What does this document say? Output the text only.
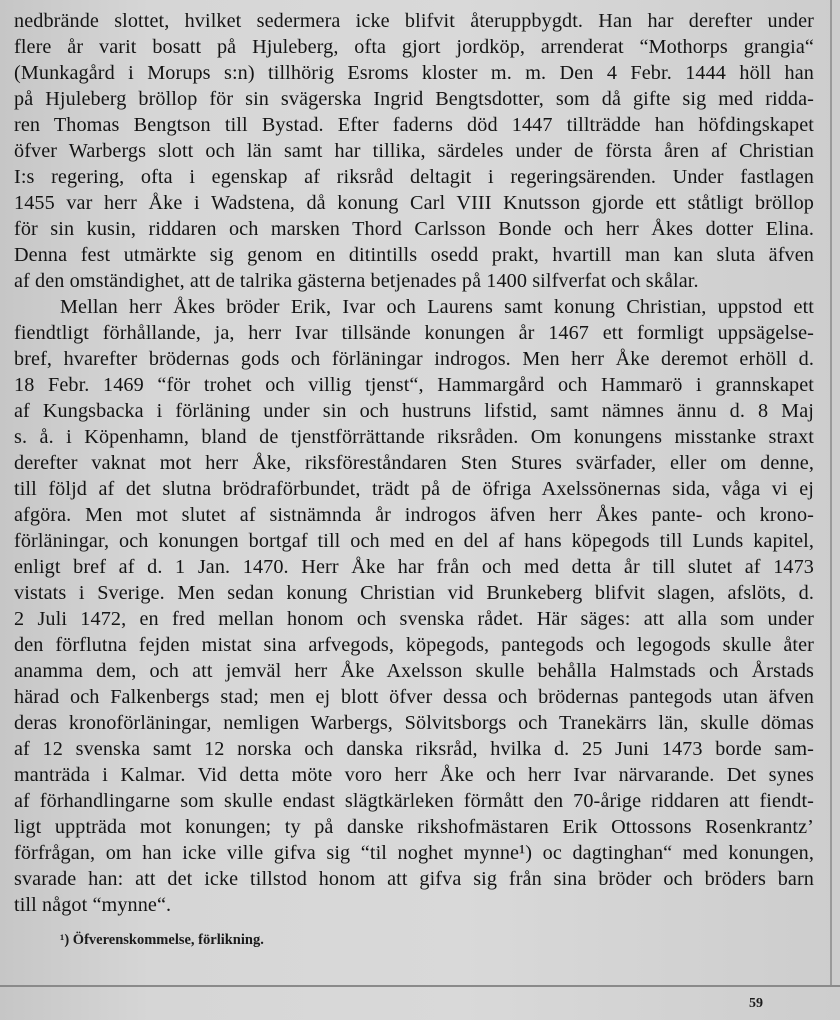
nedbrände slottet, hvilket sedermera icke blifvit återuppbygdt. Han har derefter under
flere år varit bosatt på Hjuleberg, ofta gjort jordköp, arrenderat “Mothorps grangia“
(Munkagård i Morups s:n) tillhörig Esroms kloster m. m. Den 4 Febr. 1444 höll han
på Hjuleberg bröllop för sin svägerska Ingrid Bengtsdotter, som då gifte sig med ridda-
ren Thomas Bengtson till Bystad. Efter faderns död 1447 tillträdde han höfdingskapet
öfver Warbergs slott och län samt har tillika, särdeles under de första åren af Christian
I:s regering, ofta i egenskap af riksråd deltagit i regeringsärenden. Under fastlagen
1455 var herr Åke i Wadstena, då konung Carl VIII Knutsson gjorde ett ståtligt bröllop
för sin kusin, riddaren och marsken Thord Carlsson Bonde och herr Åkes dotter Elina.
Denna fest utmärkte sig genom en ditintills osedd prakt, hvartill man kan sluta äfven
af den omständighet, att de talrika gästerna betjenades på 1400 silfverfat och skålar.
Mellan herr Åkes bröder Erik, Ivar och Laurens samt konung Christian, uppstod ett
fiendtligt förhållande, ja, herr Ivar tillsände konungen år 1467 ett formligt uppsägelse-
bref, hvarefter brödernas gods och förläningar indrogos. Men herr Åke deremot erhöll d.
18 Febr. 1469 “för trohet och villig tjenst“, Hammargård och Hammarö i grannskapet
af Kungsbacka i förläning under sin och hustruns lifstid, samt nämnes ännu d. 8 Maj
s. å. i Köpenhamn, bland de tjenstförrättande riksråden. Om konungens misstanke straxt
derefter vaknat mot herr Åke, riksföreståndaren Sten Stures svärfader, eller om denne,
till följd af det slutna brödraförbundet, trädt på de öfriga Axelssönernas sida, våga vi ej
afgöra. Men mot slutet af sistnämnda år indrogos äfven herr Åkes pante- och krono-
förläningar, och konungen bortgaf till och med en del af hans köpegods till Lunds kapitel,
enligt bref af d. 1 Jan. 1470. Herr Åke har från och med detta år till slutet af 1473
vistats i Sverige. Men sedan konung Christian vid Brunkeberg blifvit slagen, afslöts, d.
2 Juli 1472, en fred mellan honom och svenska rådet. Här säges: att alla som under
den förflutna fejden mistat sina arfvegods, köpegods, pantegods och legogods skulle åter
anamma dem, och att jemväl herr Åke Axelsson skulle behålla Halmstads och Årstads
härad och Falkenbergs stad; men ej blott öfver dessa och brödernas pantegods utan äfven
deras kronoförläningar, nemligen Warbergs, Sölvitsborgs och Tranekärrs län, skulle dömas
af 12 svenska samt 12 norska och danska riksråd, hvilka d. 25 Juni 1473 borde sam-
manträda i Kalmar. Vid detta möte voro herr Åke och herr Ivar närvarande. Det synes
af förhandlingarne som skulle endast slägtkärleken förmått den 70-årige riddaren att fiendt-
ligt uppträda mot konungen; ty på danske rikshofmästaren Erik Ottossons Rosenkrantz’
förfrågan, om han icke ville gifva sig “til noghet mynne¹) oc dagtinghan“ med konungen,
svarade han: att det icke tillstod honom att gifva sig från sina bröder och bröders barn
till något “mynne“.
¹) Öfverenskommelse, förlikning.
59
